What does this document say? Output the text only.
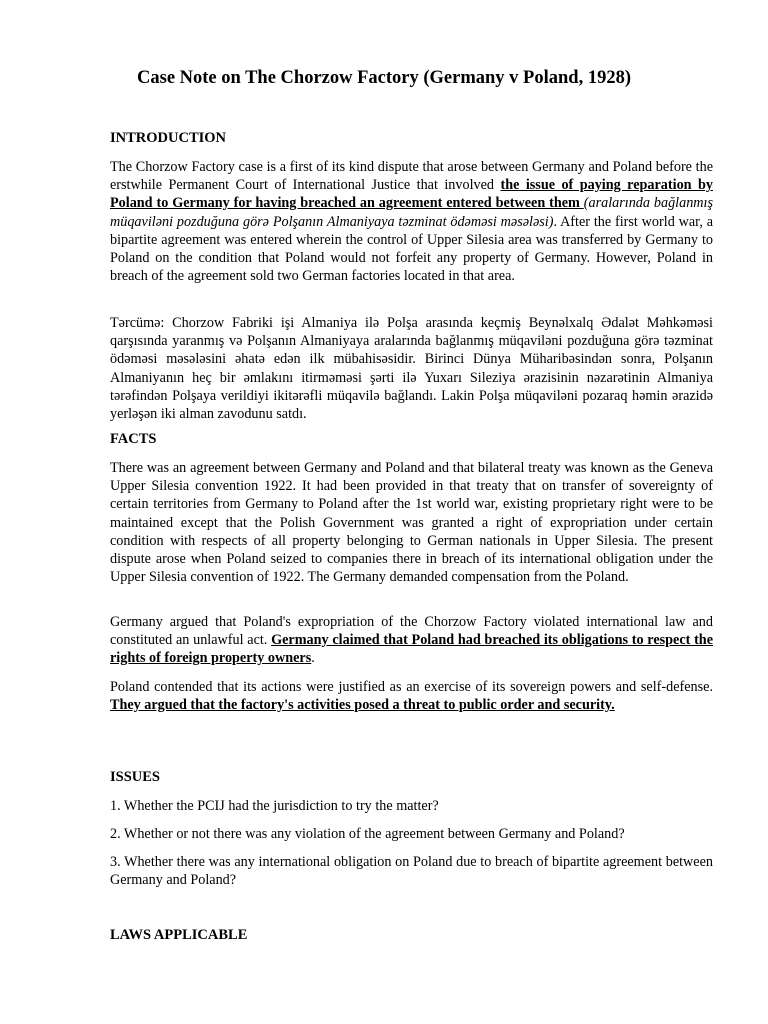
Case Note on The Chorzow Factory (Germany v Poland, 1928)
INTRODUCTION

The Chorzow Factory case is a first of its kind dispute that arose between Germany and Poland before the erstwhile Permanent Court of International Justice that involved the issue of paying reparation by Poland to Germany for having breached an agreement entered between them (aralarında bağlanmış müqaviləni pozduğuna görə Polşanın Almaniyaya təzminat ödəməsi məsələsi). After the first world war, a bipartite agreement was entered wherein the control of Upper Silesia area was transferred by Germany to Poland on the condition that Poland would not forfeit any property of Germany. However, Poland in breach of the agreement sold two German factories located in that area.

Tərcümə: Chorzow Fabriki işi Almaniya ilə Polşa arasında keçmiş Beynəlxalq Ədalət Məhkəməsi qarşısında yaranmış və Polşanın Almaniyaya aralarında bağlanmış müqaviləni pozduğuna görə təzminat ödəməsi məsələsini əhatə edən ilk mübahisəsidir. Birinci Dünya Müharibəsindən sonra, Polşanın Almaniyanın heç bir əmlakını itirməməsi şərti ilə Yuxarı Sileziya ərazisinin nəzarətinin Almaniya tərəfindən Polşaya verildiyi ikitərəfli müqavilə bağlandı. Lakin Polşa müqaviləni pozaraq həmin ərazidə yerləşən iki alman zavodunu satdı.

FACTS

There was an agreement between Germany and Poland and that bilateral treaty was known as the Geneva Upper Silesia convention 1922. It had been provided in that treaty that on transfer of sovereignty of certain territories from Germany to Poland after the 1st world war, existing proprietary right were to be maintained except that the Polish Government was granted a right of expropriation under certain condition with respects of all property belonging to German nationals in Upper Silesia. The present dispute arose when Poland seized to companies there in breach of its international obligation under the Upper Silesia convention of 1922. The Germany demanded compensation from the Poland.

Germany argued that Poland's expropriation of the Chorzow Factory violated international law and constituted an unlawful act. Germany claimed that Poland had breached its obligations to respect the rights of foreign property owners.

Poland contended that its actions were justified as an exercise of its sovereign powers and self-defense. They argued that the factory's activities posed a threat to public order and security.

ISSUES

1. Whether the PCIJ had the jurisdiction to try the matter?

2. Whether or not there was any violation of the agreement between Germany and Poland?

3. Whether there was any international obligation on Poland due to breach of bipartite agreement between Germany and Poland?

LAWS APPLICABLE
